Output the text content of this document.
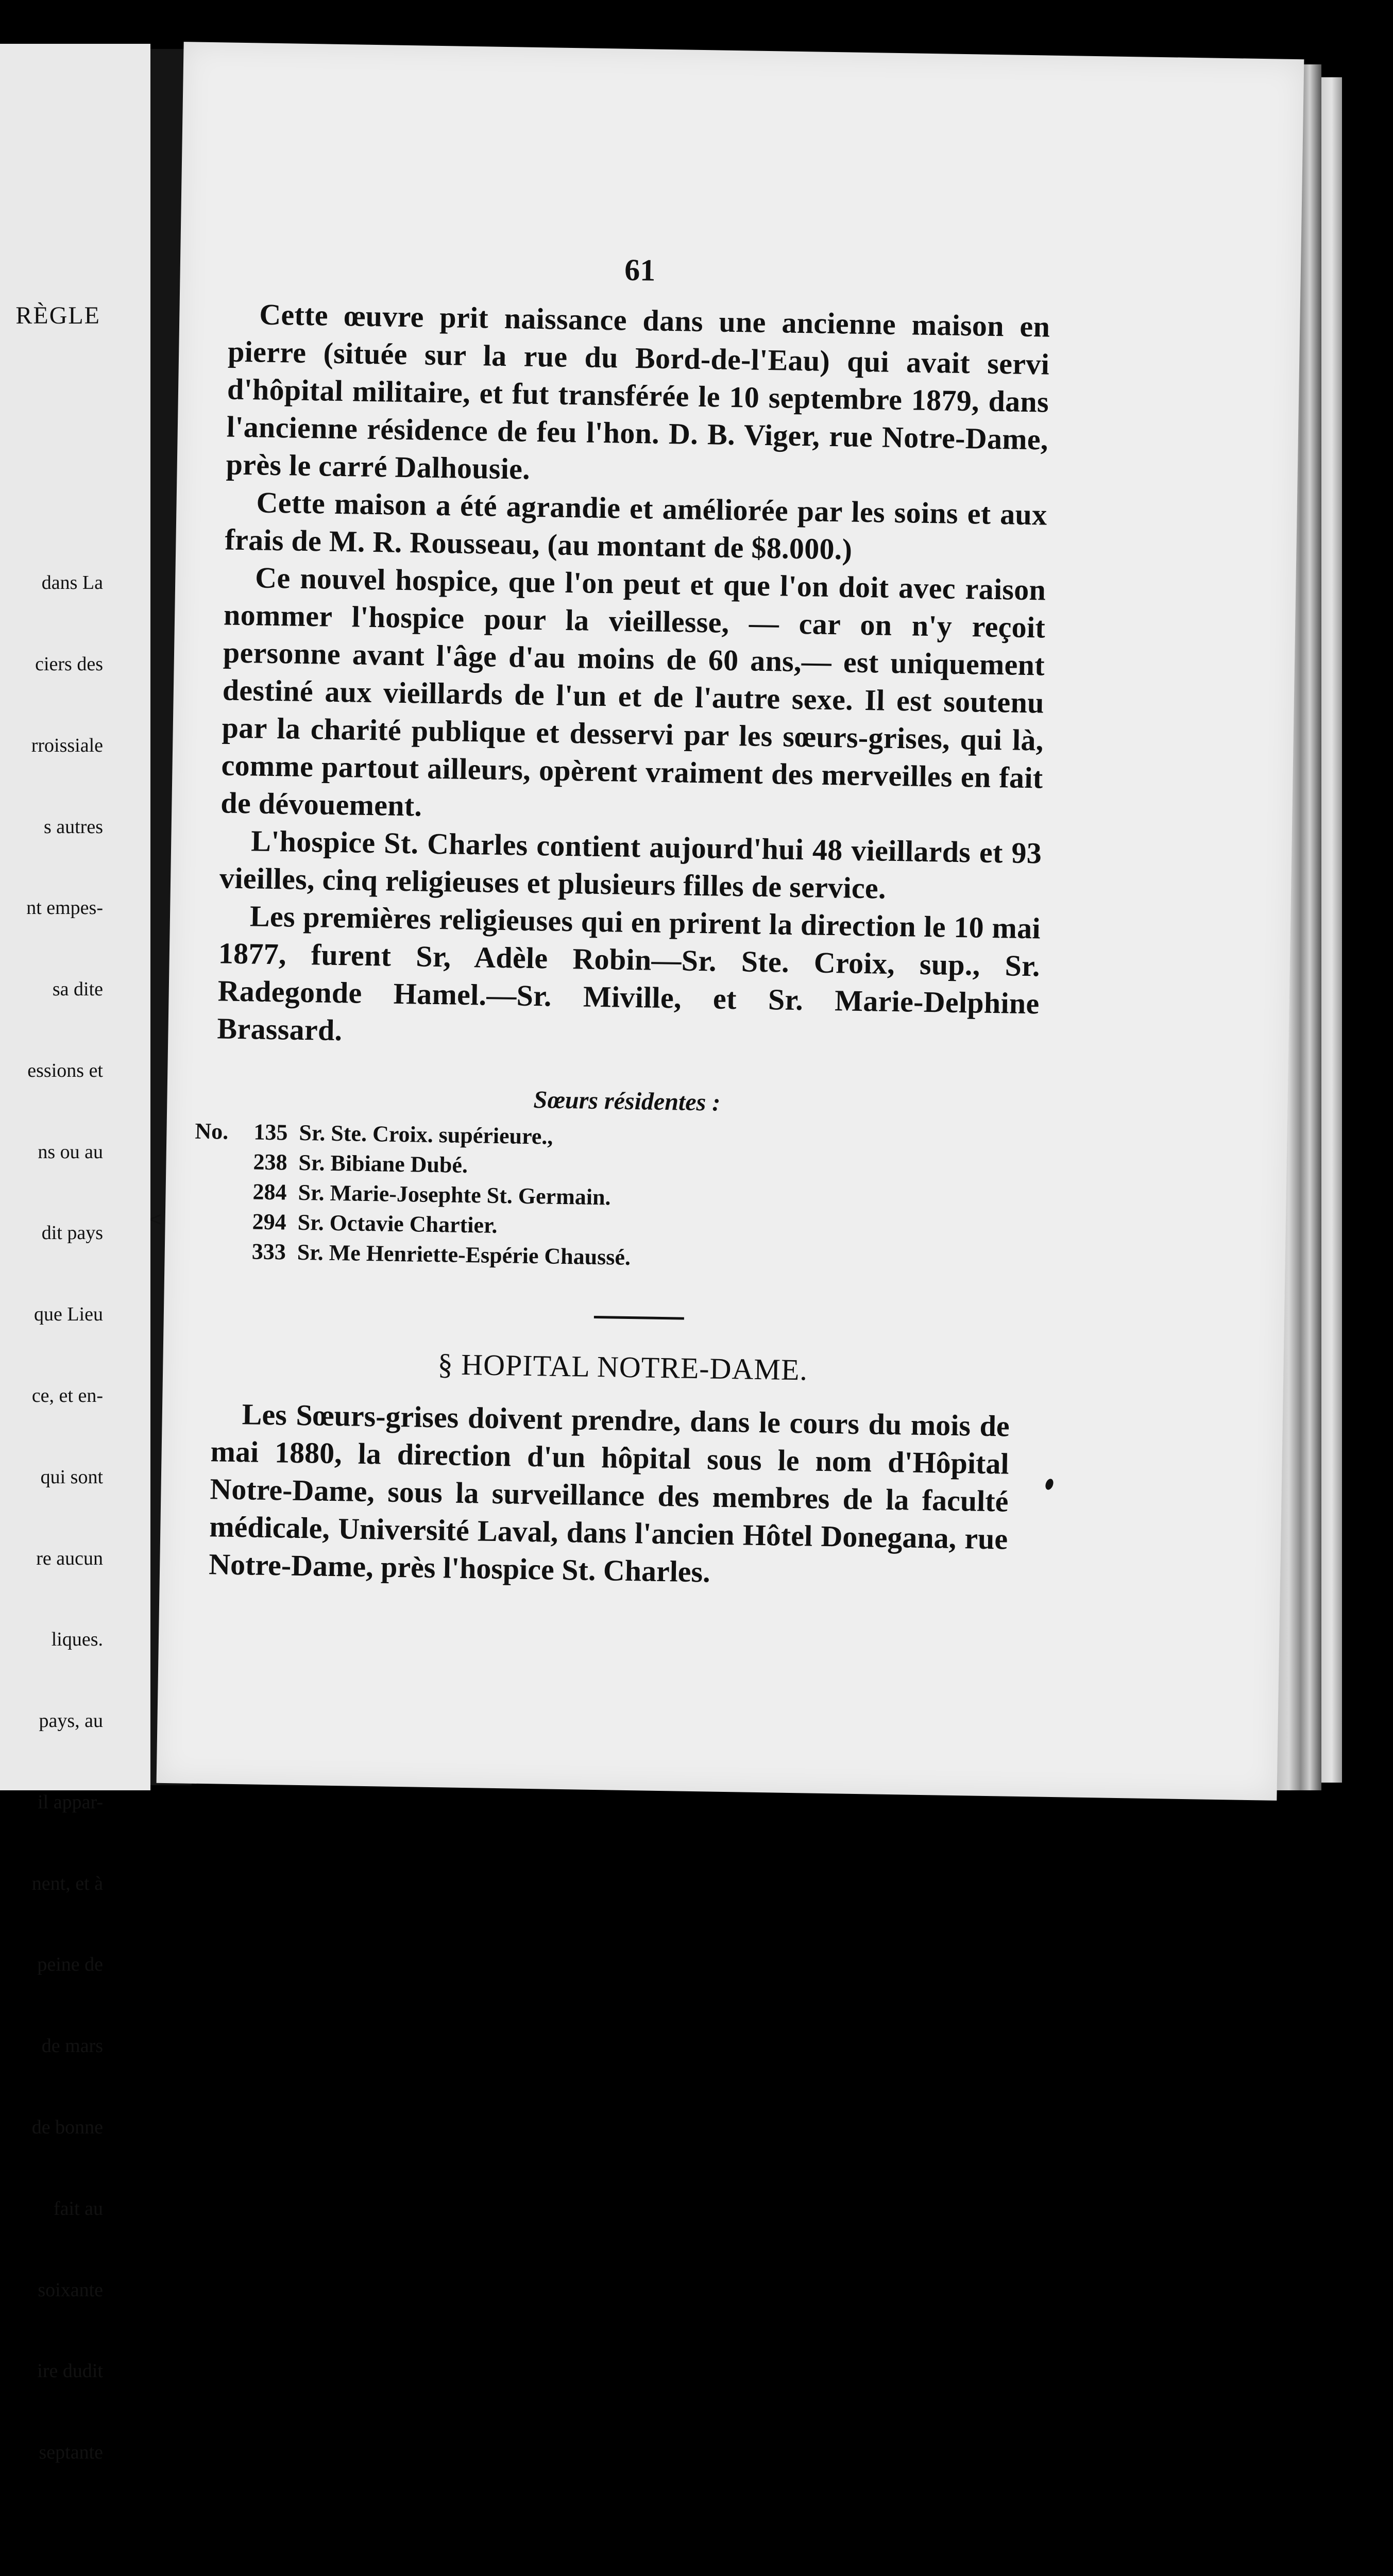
RÈGLE

dans La

ciers des

rroissiale

s autres

nt empes-

sa dite

essions et

ns ou au

dit pays

que Lieu

ce, et en-

qui sont

re aucun

liques.

pays, au

il appar-

nent, et à

peine de

de mars

de bonne

fait au

soixante

ire dudit

septante

<
61

Cette œuvre prit naissance dans une ancienne maison en pierre (située sur la rue du Bord-de-l'Eau) qui avait servi d'hôpital militaire, et fut transférée le 10 septembre 1879, dans l'ancienne résidence de feu l'hon. D. B. Viger, rue Notre-Dame, près le carré Dalhousie.

Cette maison a été agrandie et améliorée par les soins et aux frais de M. R. Rousseau, (au montant de $8.000.)

Ce nouvel hospice, que l'on peut et que l'on doit avec raison nommer l'hospice pour la vieillesse, — car on n'y reçoit personne avant l'âge d'au moins de 60 ans,— est uniquement destiné aux vieillards de l'un et de l'autre sexe. Il est soutenu par la charité publique et desservi par les sœurs-grises, qui là, comme partout ailleurs, opèrent vraiment des merveilles en fait de dévouement.

L'hospice St. Charles contient aujourd'hui 48 vieillards et 93 vieilles, cinq religieuses et plusieurs filles de service.

Les premières religieuses qui en prirent la direction le 10 mai 1877, furent Sr, Adèle Robin—Sr. Ste. Croix, sup., Sr. Radegonde Hamel.—Sr. Miville, et Sr. Marie-Delphine Brassard.

Sœurs résidentes :
No.	135 Sr. Ste. Croix. supérieure.,
238 Sr. Bibiane Dubé.
284 Sr. Marie-Josephte St. Germain.
294 Sr. Octavie Chartier.
333 Sr. Me Henriette-Espérie Chaussé.
§ HOPITAL NOTRE-DAME.

Les Sœurs-grises doivent prendre, dans le cours du mois de mai 1880, la direction d'un hôpital sous le nom d'Hôpital Notre-Dame, sous la surveillance des membres de la faculté médicale, Université Laval, dans l'ancien Hôtel Donegana, rue Notre-Dame, près l'hospice St. Charles.
